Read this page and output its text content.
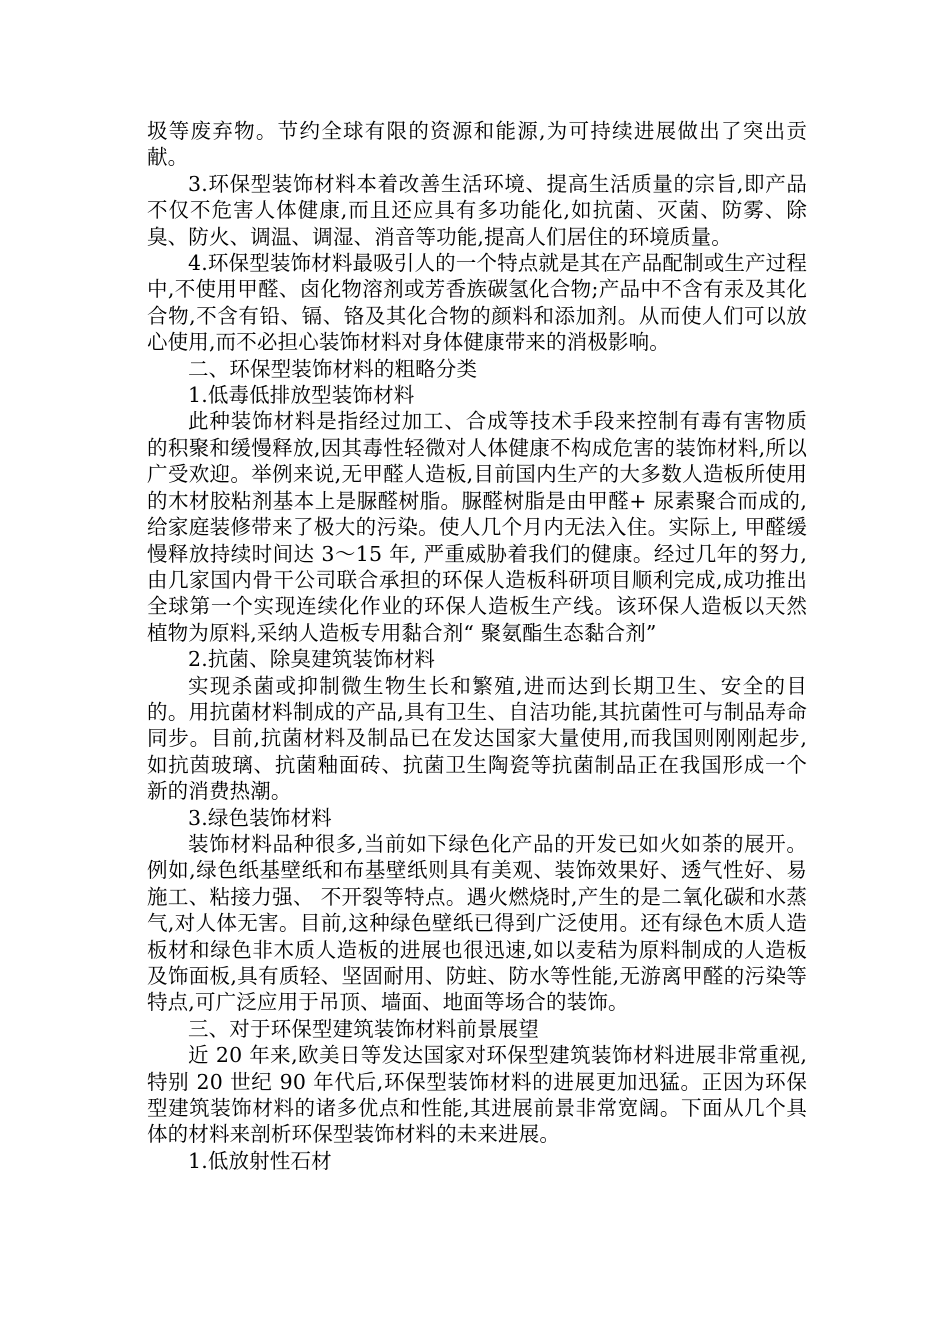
圾等废弃物。节约全球有限的资源和能源,为可持续进展做出了突出贡献。

3.环保型装饰材料本着改善生活环境、提高生活质量的宗旨,即产品不仅不危害人体健康,而且还应具有多功能化,如抗菌、灭菌、防雾、除臭、防火、调温、调湿、消音等功能,提高人们居住的环境质量。

4.环保型装饰材料最吸引人的一个特点就是其在产品配制或生产过程中,不使用甲醛、卤化物溶剂或芳香族碳氢化合物;产品中不含有汞及其化合物,不含有铅、镉、铬及其化合物的颜料和添加剂。从而使人们可以放心使用,而不必担心装饰材料对身体健康带来的消极影响。

二、环保型装饰材料的粗略分类

1.低毒低排放型装饰材料

此种装饰材料是指经过加工、合成等技术手段来控制有毒有害物质的积聚和缓慢释放,因其毒性轻微对人体健康不构成危害的装饰材料,所以广受欢迎。举例来说,无甲醛人造板,目前国内生产的大多数人造板所使用的木材胶粘剂基本上是脲醛树脂。脲醛树脂是由甲醛+ 尿素聚合而成的,给家庭装修带来了极大的污染。使人几个月内无法入住。实际上, 甲醛缓慢释放持续时间达 3～15 年, 严重威胁着我们的健康。经过几年的努力,由几家国内骨干公司联合承担的环保人造板科研项目顺利完成,成功推出全球第一个实现连续化作业的环保人造板生产线。该环保人造板以天然植物为原料,采纳人造板专用黏合剂“ 聚氨酯生态黏合剂”

2.抗菌、除臭建筑装饰材料

实现杀菌或抑制微生物生长和繁殖,进而达到长期卫生、安全的目的。用抗菌材料制成的产品,具有卫生、自洁功能,其抗菌性可与制品寿命同步。目前,抗菌材料及制品已在发达国家大量使用,而我国则刚刚起步, 如抗茵玻璃、抗菌釉面砖、抗菌卫生陶瓷等抗菌制品正在我国形成一个新的消费热潮。

3.绿色装饰材料

装饰材料品种很多,当前如下绿色化产品的开发已如火如荼的展开。例如,绿色纸基壁纸和布基壁纸则具有美观、装饰效果好、透气性好、易施工、粘接力强、 不开裂等特点。遇火燃烧时,产生的是二氧化碳和水蒸气,对人体无害。目前,这种绿色壁纸已得到广泛使用。还有绿色木质人造板材和绿色非木质人造板的进展也很迅速,如以麦秸为原料制成的人造板及饰面板,具有质轻、坚固耐用、防蛀、防水等性能,无游离甲醛的污染等特点,可广泛应用于吊顶、墙面、地面等场合的装饰。

三、对于环保型建筑装饰材料前景展望

近 20 年来,欧美日等发达国家对环保型建筑装饰材料进展非常重视,特别 20 世纪 90 年代后,环保型装饰材料的进展更加迅猛。正因为环保型建筑装饰材料的诸多优点和性能,其进展前景非常宽阔。下面从几个具体的材料来剖析环保型装饰材料的未来进展。

1.低放射性石材
